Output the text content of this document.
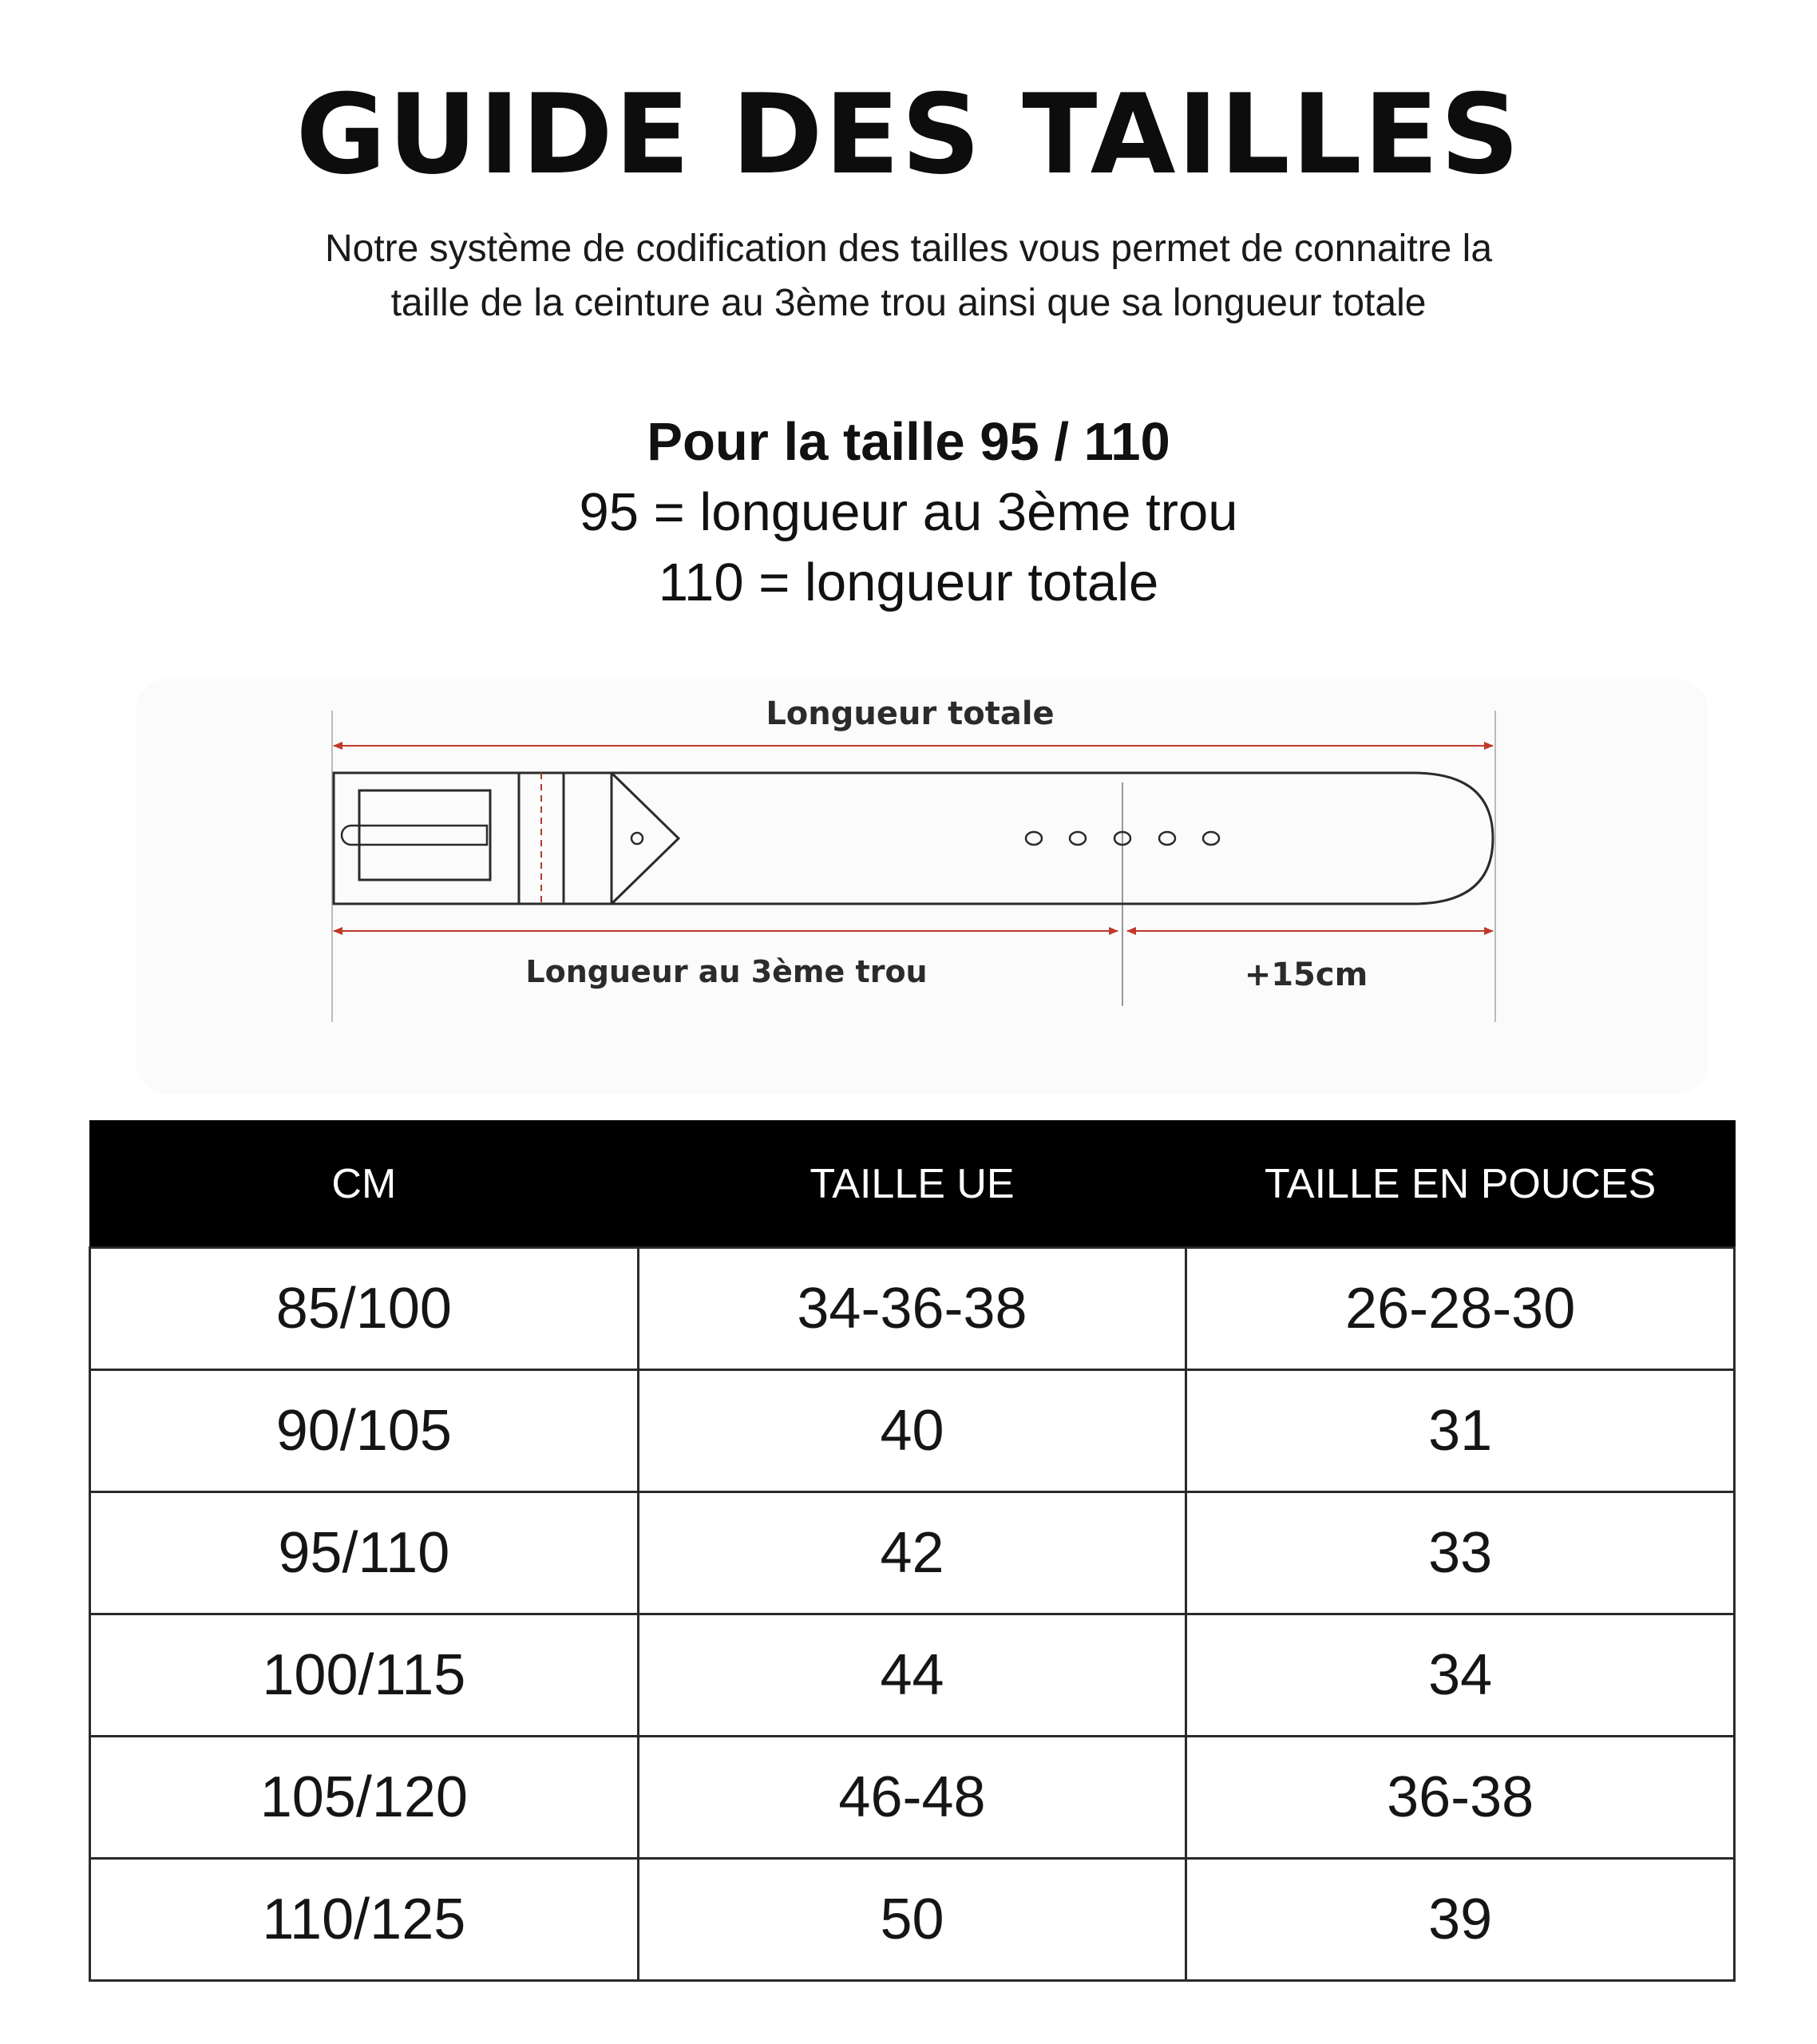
GUIDE DES TAILLES
Notre système de codification des tailles vous permet de connaitre la
taille de la ceinture au 3ème trou ainsi que sa longueur totale
Pour la taille 95 / 110
95 = longueur au 3ème trou
110 = longueur totale
Longueur totale
Longueur au 3ème trou	+15cm
CM	TAILLE UE	TAILLE EN POUCES
85/100	34-36-38	26-28-30
90/105	40	31
95/110	42	33
100/115	44	34
105/120	46-48	36-38
110/125	50	39
